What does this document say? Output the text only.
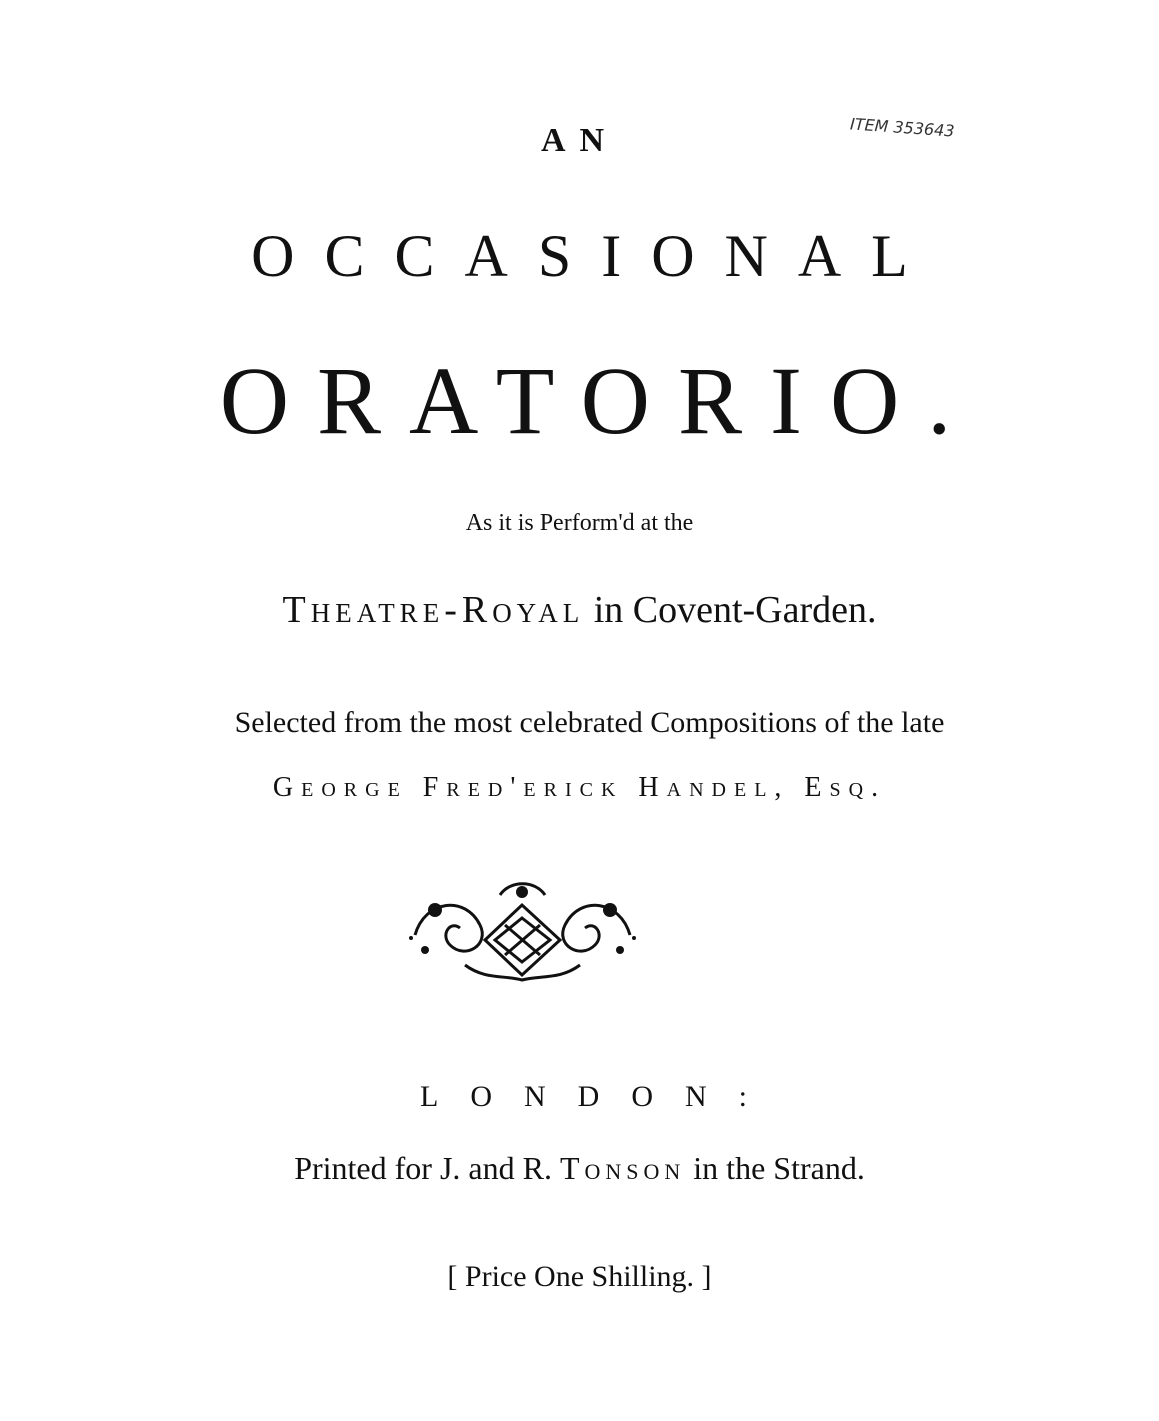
ITEM 353643
AN
OCCASIONAL
ORATORIO.
As it is Perform'd at the
Theatre-Royal in Covent-Garden.
Selected from the most celebrated Compositions of the late
George Fred'erick Handel, Esq.
LONDON:
Printed for J. and R. Tonson in the Strand.
[ Price One Shilling. ]
